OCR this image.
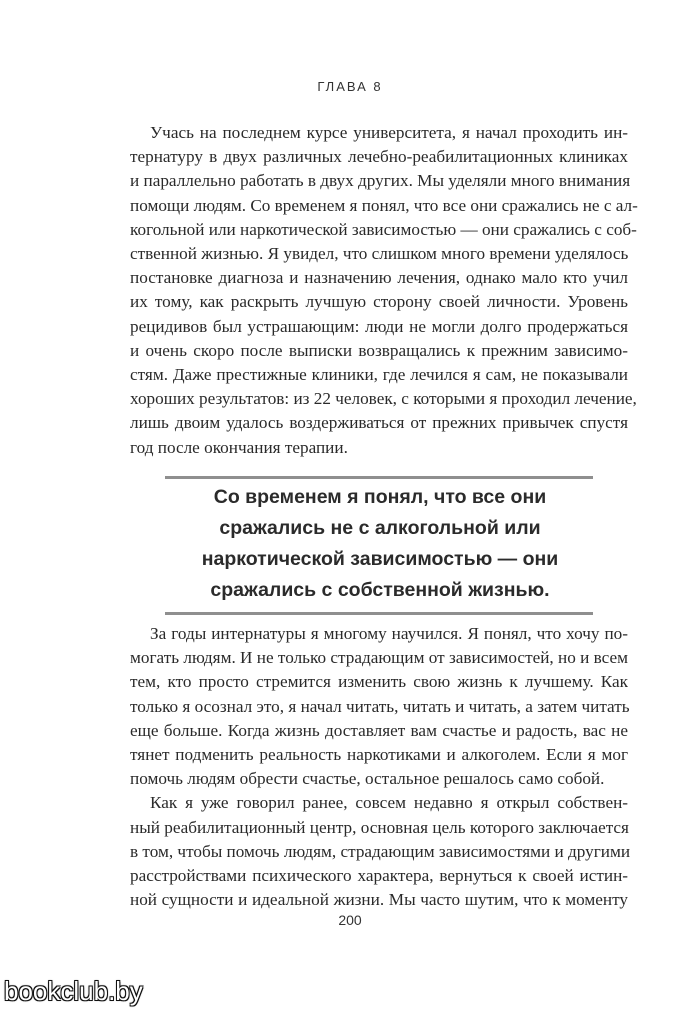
ГЛАВА 8
Учась на последнем курсе университета, я начал проходить ин-
тернатуру в двух различных лечебно-реабилитационных клиниках
и параллельно работать в двух других. Мы уделяли много внимания
помощи людям. Со временем я понял, что все они сражались не с ал-
когольной или наркотической зависимостью — они сражались с соб-
ственной жизнью. Я увидел, что слишком много времени уделялось
постановке диагноза и назначению лечения, однако мало кто учил
их тому, как раскрыть лучшую сторону своей личности. Уровень
рецидивов был устрашающим: люди не могли долго продержаться
и очень скоро после выписки возвращались к прежним зависимо-
стям. Даже престижные клиники, где лечился я сам, не показывали
хороших результатов: из 22 человек, с которыми я проходил лечение,
лишь двоим удалось воздерживаться от прежних привычек спустя
год после окончания терапии.
Со временем я понял, что все они
сражались не с алкогольной или
наркотической зависимостью — они
сражались с собственной жизнью.
За годы интернатуры я многому научился. Я понял, что хочу по-
могать людям. И не только страдающим от зависимостей, но и всем
тем, кто просто стремится изменить свою жизнь к лучшему. Как
только я осознал это, я начал читать, читать и читать, а затем читать
еще больше. Когда жизнь доставляет вам счастье и радость, вас не
тянет подменить реальность наркотиками и алкоголем. Если я мог
помочь людям обрести счастье, остальное решалось само собой.
Как я уже говорил ранее, совсем недавно я открыл собствен-
ный реабилитационный центр, основная цель которого заключается
в том, чтобы помочь людям, страдающим зависимостями и другими
расстройствами психического характера, вернуться к своей истин-
ной сущности и идеальной жизни. Мы часто шутим, что к моменту
200
bookclub.by
